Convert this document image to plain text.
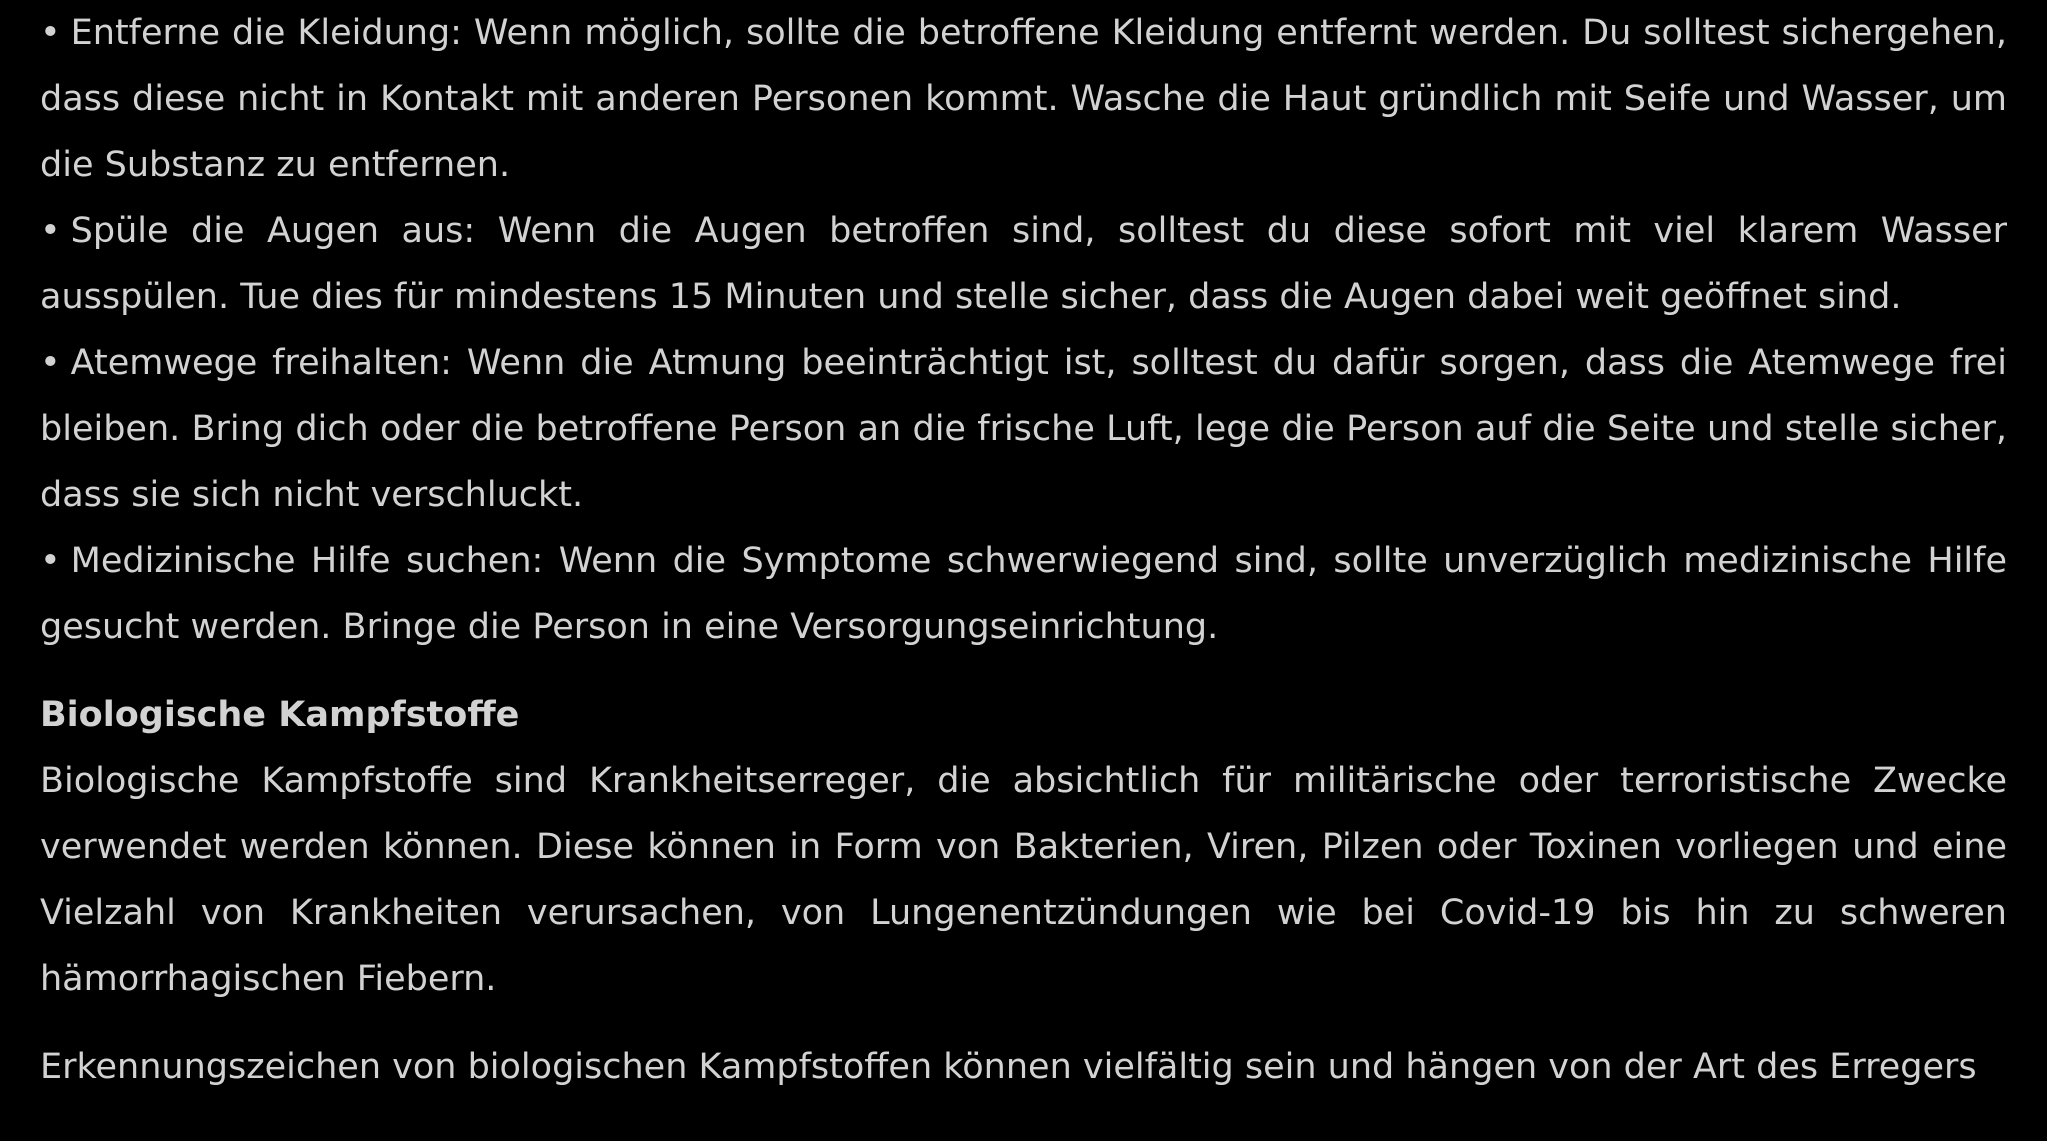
• Entferne die Kleidung: Wenn möglich, sollte die betroffene Kleidung entfernt werden. Du solltest sichergehen, dass diese nicht in Kontakt mit anderen Personen kommt. Wasche die Haut gründlich mit Seife und Wasser, um die Substanz zu entfernen.
• Spüle die Augen aus: Wenn die Augen betroffen sind, solltest du diese sofort mit viel klarem Wasser ausspülen. Tue dies für mindestens 15 Minuten und stelle sicher, dass die Augen dabei weit geöffnet sind.
• Atemwege freihalten: Wenn die Atmung beeinträchtigt ist, solltest du dafür sorgen, dass die Atemwege frei bleiben. Bring dich oder die betroffene Person an die frische Luft, lege die Person auf die Seite und stelle sicher, dass sie sich nicht verschluckt.
• Medizinische Hilfe suchen: Wenn die Symptome schwerwiegend sind, sollte unverzüglich medizinische Hilfe gesucht werden. Bringe die Person in eine Versorgungseinrichtung.
Biologische Kampfstoffe

Biologische Kampfstoffe sind Krankheitserreger, die absichtlich für militärische oder terroristische Zwecke verwendet werden können. Diese können in Form von Bakterien, Viren, Pilzen oder Toxinen vorliegen und eine Vielzahl von Krankheiten verursachen, von Lungenentzündungen wie bei Covid-19 bis hin zu schweren hämorrhagischen Fiebern.

Erkennungszeichen von biologischen Kampfstoffen können vielfältig sein und hängen von der Art des Erregers
